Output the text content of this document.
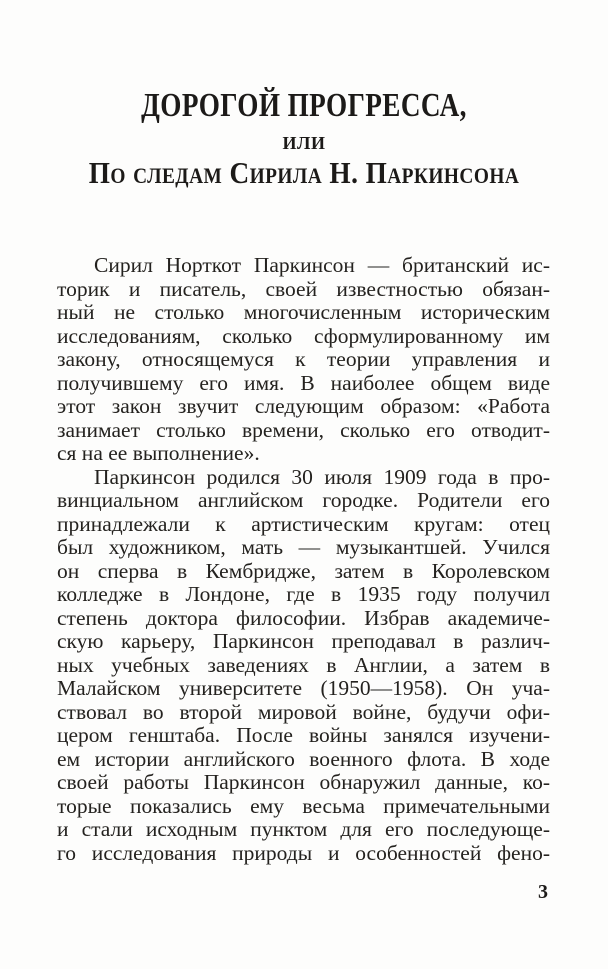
ДОРОГОЙ ПРОГРЕССА,
или
По следам Сирила Н. Паркинсона
Сирил Норткот Паркинсон — британский ис-
торик и писатель, своей известностью обязан-
ный не столько многочисленным историческим
исследованиям, сколько сформулированному им
закону, относящемуся к теории управления и
получившему его имя. В наиболее общем виде
этот закон звучит следующим образом: «Работа
занимает столько времени, сколько его отводит-
ся на ее выполнение».
Паркинсон родился 30 июля 1909 года в про-
винциальном английском городке. Родители его
принадлежали к артистическим кругам: отец
был художником, мать — музыкантшей. Учился
он сперва в Кембридже, затем в Королевском
колледже в Лондоне, где в 1935 году получил
степень доктора философии. Избрав академиче-
скую карьеру, Паркинсон преподавал в различ-
ных учебных заведениях в Англии, а затем в
Малайском университете (1950—1958). Он уча-
ствовал во второй мировой войне, будучи офи-
цером генштаба. После войны занялся изучени-
ем истории английского военного флота. В ходе
своей работы Паркинсон обнаружил данные, ко-
торые показались ему весьма примечательными
и стали исходным пунктом для его последующе-
го исследования природы и особенностей фено-
3
